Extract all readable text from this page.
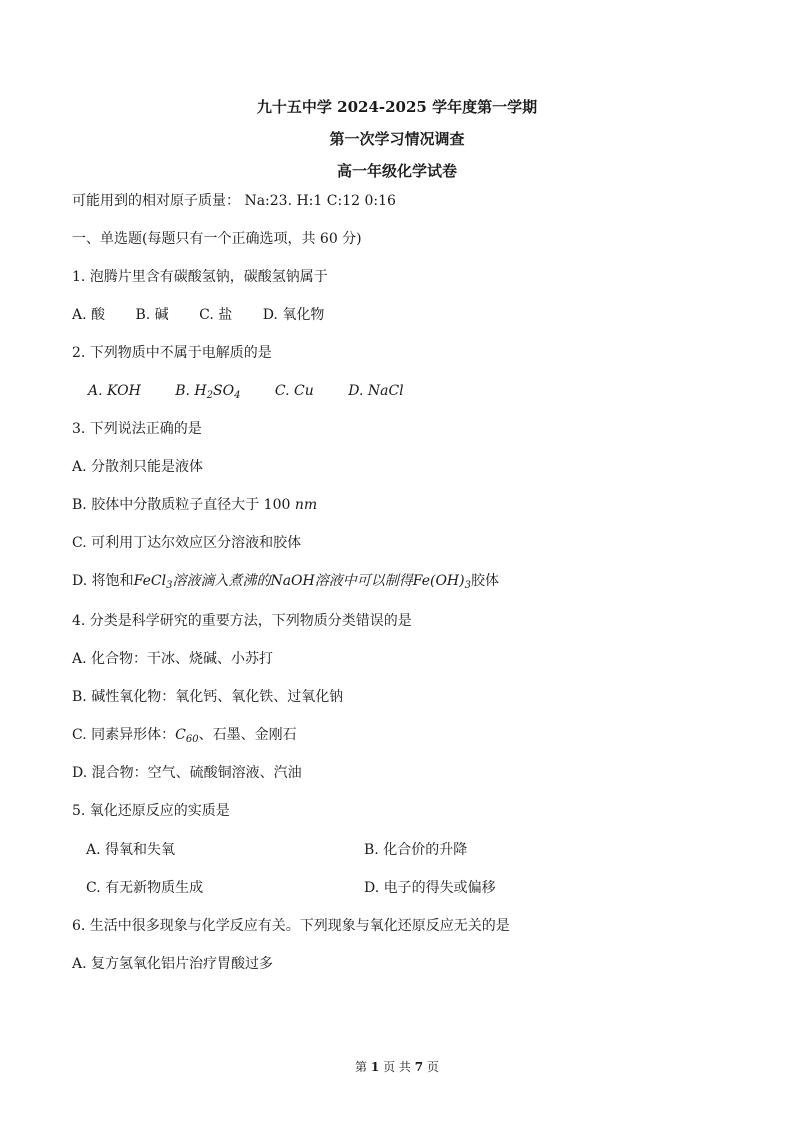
九十五中学 2024-2025 学年度第一学期
第一次学习情况调查
高一年级化学试卷
可能用到的相对原子质量： Na:23. H:1 C:12 0:16
一、单选题(每题只有一个正确选项，共 60 分)
1. 泡腾片里含有碳酸氢钠，碳酸氢钠属于
A. 酸 B. 碱 C. 盐 D. 氧化物
2. 下列物质中不属于电解质的是
A. KOH B. $H_2SO_4$ C. Cu D. NaCl
3. 下列说法正确的是
A. 分散剂只能是液体
B. 胶体中分散质粒子直径大于 100 nm
C. 可利用丁达尔效应区分溶液和胶体
D. 将饱和FeCl$_3$溶液滴入煮沸的NaOH溶液中可以制得$Fe(OH)_3$胶体
4. 分类是科学研究的重要方法，下列物质分类错误的是
A. 化合物：干冰、烧碱、小苏打
B. 碱性氧化物：氧化钙、氧化铁、过氧化钠
C. 同素异形体：$C_{60}$、石墨、金刚石
D. 混合物：空气、硫酸铜溶液、汽油
5. 氧化还原反应的实质是
A. 得氧和失氧	B. 化合价的升降
C. 有无新物质生成	D. 电子的得失或偏移
6. 生活中很多现象与化学反应有关。下列现象与氧化还原反应无关的是
A. 复方氢氧化铝片治疗胃酸过多
第 1 页 共 7 页
